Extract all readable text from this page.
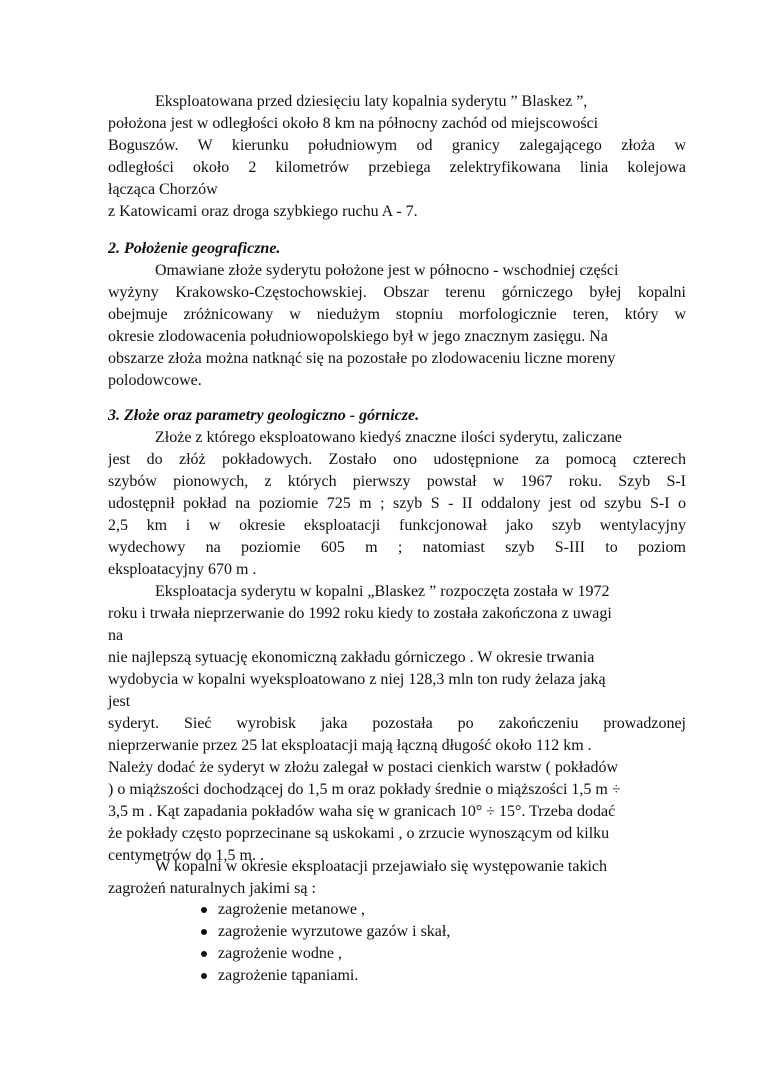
Eksploatowana przed dziesięciu laty kopalnia syderytu ” Blaskez ”,
położona jest w odległości około 8 km na północny zachód od miejscowości
Boguszów. W kierunku południowym od granicy zalegającego złoża w
odległości około 2 kilometrów przebiega zelektryfikowana linia kolejowa
łącząca Chorzów
z Katowicami oraz droga szybkiego ruchu A - 7.
2. Położenie geograficzne.
Omawiane złoże syderytu położone jest w północno - wschodniej części
wyżyny Krakowsko-Częstochowskiej. Obszar terenu górniczego byłej kopalni
obejmuje zróżnicowany w niedużym stopniu morfologicznie teren, który w
okresie zlodowacenia południowopolskiego był w jego znacznym zasięgu. Na
obszarze złoża można natknąć się na pozostałe po zlodowaceniu liczne moreny
polodowcowe.
3. Złoże oraz parametry geologiczno - górnicze.
Złoże z którego eksploatowano kiedyś znaczne ilości syderytu, zaliczane
jest do złóż pokładowych. Zostało ono udostępnione za pomocą czterech
szybów pionowych, z których pierwszy powstał w 1967 roku. Szyb S-I
udostępnił pokład na poziomie 725 m ; szyb S - II oddalony jest od szybu S-I o
2,5 km i w okresie eksploatacji funkcjonował jako szyb wentylacyjny
wydechowy na poziomie 605 m ; natomiast szyb S-III to poziom
eksploatacyjny 670 m .
Eksploatacja syderytu w kopalni „Blaskez ” rozpoczęta została w 1972
roku i trwała nieprzerwanie do 1992 roku kiedy to została zakończona z uwagi
na
nie najlepszą sytuację ekonomiczną zakładu górniczego . W okresie trwania
wydobycia w kopalni wyeksploatowano z niej 128,3 mln ton rudy żelaza jaką
jest
syderyt. Sieć wyrobisk jaka pozostała po zakończeniu prowadzonej
nieprzerwanie przez 25 lat eksploatacji mają łączną długość około 112 km .
Należy dodać że syderyt w złożu zalegał w postaci cienkich warstw ( pokładów
) o miąższości dochodzącej do 1,5 m oraz pokłady średnie o miąższości 1,5 m ÷
3,5 m . Kąt zapadania pokładów waha się w granicach 10° ÷ 15°. Trzeba dodać
że pokłady często poprzecinane są uskokami , o zrzucie wynoszącym od kilku
centymetrów do 1,5 m. .
W kopalni w okresie eksploatacji przejawiało się występowanie takich
zagrożeń naturalnych jakimi są :
zagrożenie metanowe ,
zagrożenie wyrzutowe gazów i skał,
zagrożenie wodne ,
zagrożenie tąpaniami.
